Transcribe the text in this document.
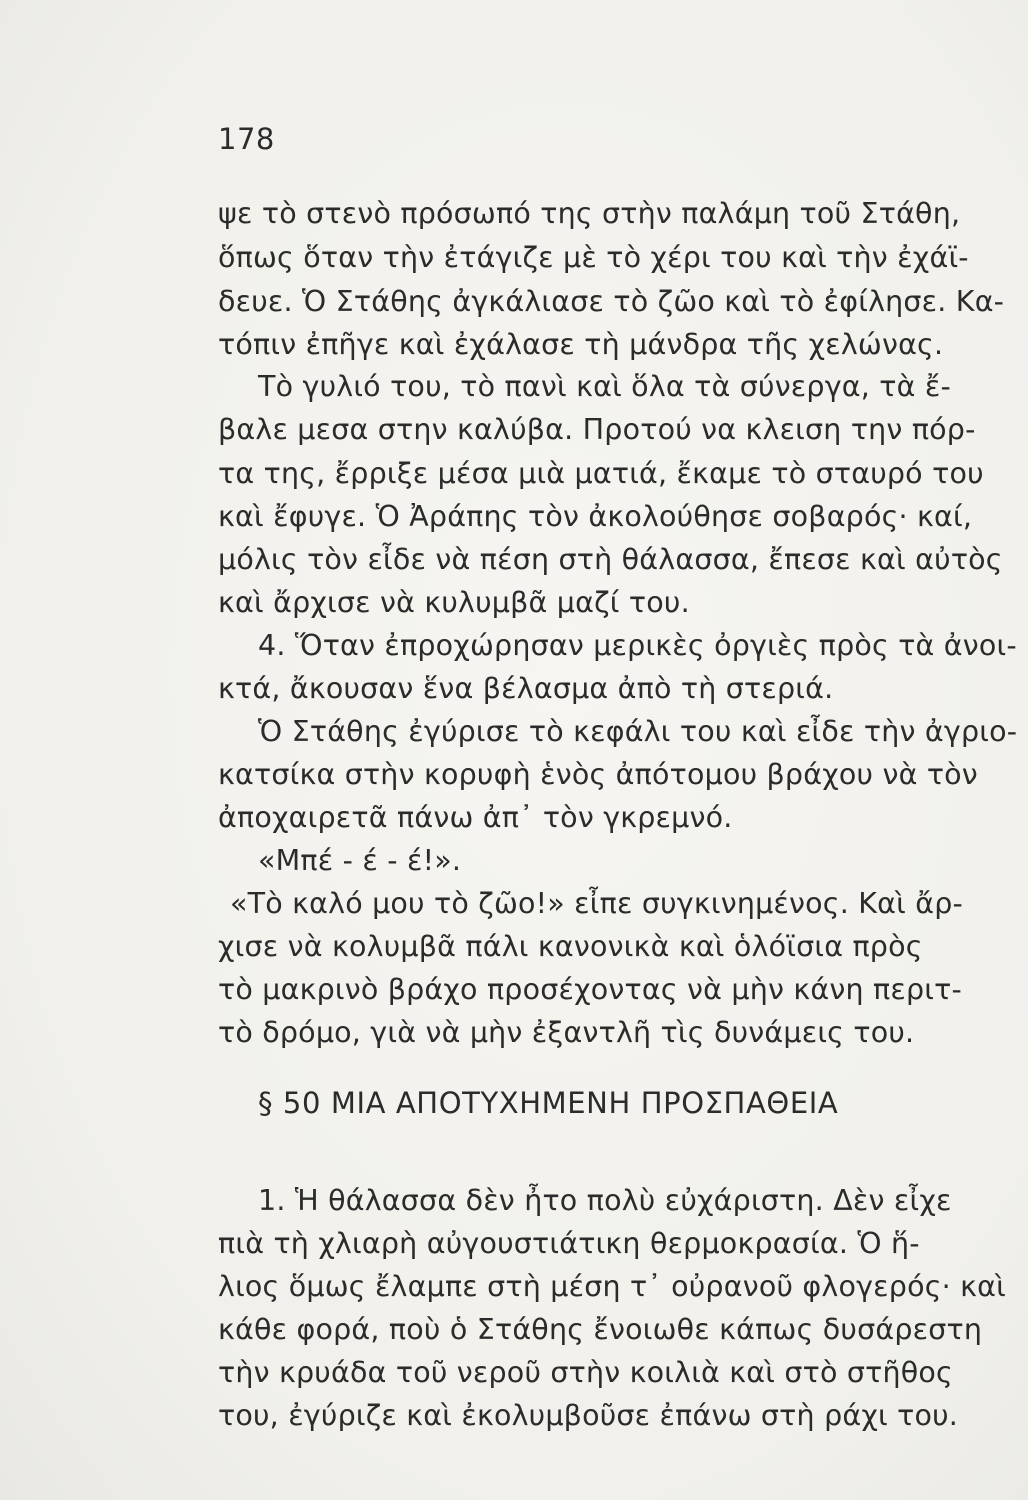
178
ψε τὸ στενὸ πρόσωπό της στὴν παλάμη τοῦ Στάθη,
ὅπως ὅταν τὴν ἐτάγιζε μὲ τὸ χέρι του καὶ τὴν ἐχάϊ-
δευε. Ὁ Στάθης ἀγκάλιασε τὸ ζῶο καὶ τὸ ἐφίλησε. Κα-
τόπιν ἐπῆγε καὶ ἐχάλασε τὴ μάνδρα τῆς χελώνας.
Τὸ γυλιό του, τὸ πανὶ καὶ ὅλα τὰ σύνεργα, τὰ ἔ-
βαλε μεσα στην καλύβα. Προτού να κλειση την πόρ-
τα της, ἔρριξε μέσα μιὰ ματιά, ἔκαμε τὸ σταυρό του
καὶ ἔφυγε. Ὁ Ἀράπης τὸν ἀκολούθησε σοβαρός· καί,
μόλις τὸν εἶδε νὰ πέση στὴ θάλασσα, ἔπεσε καὶ αὐτὸς
καὶ ἄρχισε νὰ κυλυμβᾶ μαζί του.
4. Ὅταν ἐπροχώρησαν μερικὲς ὀργιὲς πρὸς τὰ ἀνοι-
κτά, ἄκουσαν ἕνα βέλασμα ἀπὸ τὴ στεριά.
Ὁ Στάθης ἐγύρισε τὸ κεφάλι του καὶ εἶδε τὴν ἀγριο-
κατσίκα στὴν κορυφὴ ἑνὸς ἀπότομου βράχου νὰ τὸν
ἀποχαιρετᾶ πάνω ἀπ᾿ τὸν γκρεμνό.
«Μπέ - έ - έ!».
«Τὸ καλό μου τὸ ζῶο!» εἶπε συγκινημένος. Καὶ ἄρ-
χισε νὰ κολυμβᾶ πάλι κανονικὰ καὶ ὁλόϊσια πρὸς
τὸ μακρινὸ βράχο προσέχοντας νὰ μὴν κάνη περιτ-
τὸ δρόμο, γιὰ νὰ μὴν ἐξαντλῆ τὶς δυνάμεις του.
§ 50 ΜΙΑ ΑΠΟΤΥΧΗΜΕΝΗ ΠΡΟΣΠΑΘΕΙΑ
1. Ἡ θάλασσα δὲν ἦτο πολὺ εὐχάριστη. Δὲν εἶχε
πιὰ τὴ χλιαρὴ αὐγουστιάτικη θερμοκρασία. Ὁ ἥ-
λιος ὅμως ἔλαμπε στὴ μέση τ᾿ οὐρανοῦ φλογερός· καὶ
κάθε φορά, ποὺ ὁ Στάθης ἔνοιωθε κάπως δυσάρεστη
τὴν κρυάδα τοῦ νεροῦ στὴν κοιλιὰ καὶ στὸ στῆθος
του, ἐγύριζε καὶ ἐκολυμβοῦσε ἐπάνω στὴ ράχι του.
